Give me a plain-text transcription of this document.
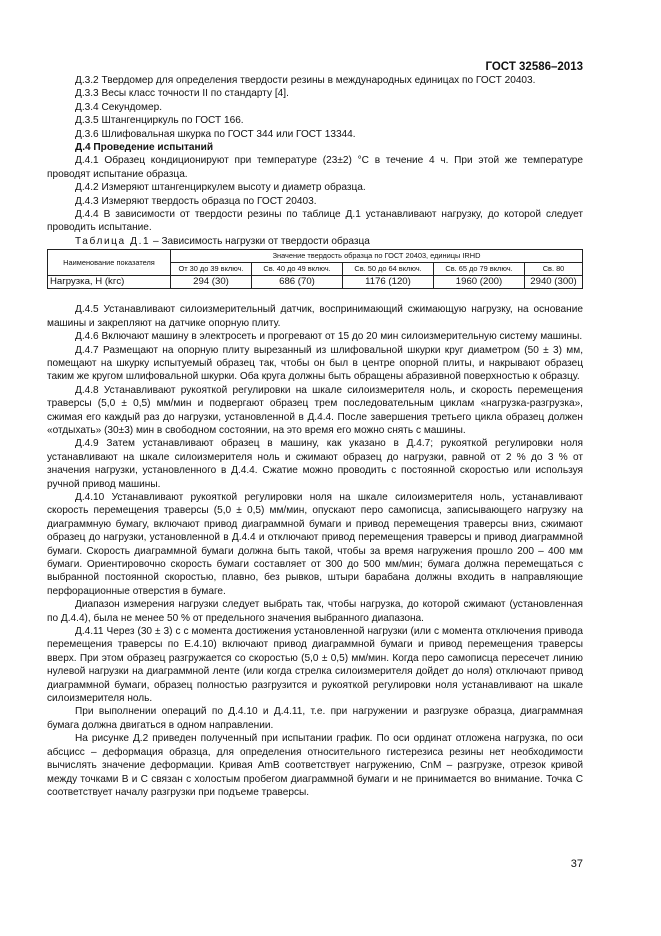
ГОСТ 32586–2013

Д.3.2 Твердомер для определения твердости резины в международных единицах по ГОСТ 20403.

Д.3.3 Весы класс точности II по стандарту [4].

Д.3.4 Секундомер.

Д.3.5 Штангенциркуль по ГОСТ 166.

Д.3.6 Шлифовальная шкурка по ГОСТ 344 или ГОСТ 13344.

Д.4 Проведение испытаний

Д.4.1 Образец кондиционируют при температуре (23±2) °С в течение 4 ч. При этой же температуре проводят испытание образца.

Д.4.2 Измеряют штангенциркулем высоту и диаметр образца.

Д.4.3 Измеряют твердость образца по ГОСТ 20403.

Д.4.4 В зависимости от твердости резины по таблице Д.1 устанавливают нагрузку, до которой следует проводить испытание.

Таблица Д.1 – Зависимость нагрузки от твердости образца

Наименование показателя	Значение твердость образца по ГОСТ 20403, единицы IRHD				
	От 30 до 39 включ.	Св. 40 до 49 включ.	Св. 50 до 64 включ.	Св. 65 до 79 включ.	Св. 80
Нагрузка, Н (kгc)	294 (30)	686 (70)	1176 (120)	1960 (200)	2940 (300)

Д.4.5 Устанавливают силоизмерительный датчик, воспринимающий сжимающую нагрузку, на основание машины и закрепляют на датчике опорную плиту.

Д.4.6 Включают машину в электросеть и прогревают от 15 до 20 мин силоизмерительную систему машины.

Д.4.7 Размещают на опорную плиту вырезанный из шлифовальной шкурки круг диаметром (50 ± 3) мм, помещают на шкурку испытуемый образец так, чтобы он был в центре опорной плиты, и накрывают образец таким же кругом шлифовальной шкурки. Оба круга должны быть обращены абразивной поверхностью к образцу.

Д.4.8 Устанавливают рукояткой регулировки на шкале силоизмерителя ноль, и скорость перемещения траверсы (5,0 ± 0,5) мм/мин и подвергают образец трем последовательным циклам «нагрузка-разгрузка», сжимая его каждый раз до нагрузки, установленной в Д.4.4. После завершения третьего цикла образец должен «отдыхать» (30±3) мин в свободном состоянии, на это время его можно снять с машины.

Д.4.9 Затем устанавливают образец в машину, как указано в Д.4.7; рукояткой регулировки ноля устанавливают на шкале силоизмерителя ноль и сжимают образец до нагрузки, равной от 2 % до 3 % от значения нагрузки, установленного в Д.4.4. Сжатие можно проводить с постоянной скоростью или используя ручной привод машины.

Д.4.10 Устанавливают рукояткой регулировки ноля на шкале силоизмерителя ноль, устанавливают скорость перемещения траверсы (5,0 ± 0,5) мм/мин, опускают перо самописца, записывающего нагрузку на диаграммную бумагу, включают привод диаграммной бумаги и привод перемещения траверсы вниз, сжимают образец до нагрузки, установленной в Д.4.4 и отключают привод перемещения траверсы и привод диаграммной бумаги. Скорость диаграммной бумаги должна быть такой, чтобы за время нагружения прошло 200 – 400 мм бумаги. Ориентировочно скорость бумаги составляет от 300 до 500 мм/мин; бумага должна перемещаться с выбранной постоянной скоростью, плавно, без рывков, штыри барабана должны входить в направляющие перфорационные отверстия в бумаге.

Диапазон измерения нагрузки следует выбрать так, чтобы нагрузка, до которой сжимают (установленная по Д.4.4), была не менее 50 % от предельного значения выбранного диапазона.

Д.4.11 Через (30 ± 3) с с момента достижения установленной нагрузки (или с момента отключения привода перемещения траверсы по Е.4.10) включают привод диаграммной бумаги и привод перемещения траверсы вверх. При этом образец разгружается со скоростью (5,0 ± 0,5) мм/мин. Когда перо самописца пересечет линию нулевой нагрузки на диаграммной ленте (или когда стрелка силоизмерителя дойдет до ноля) отключают привод диаграммной бумаги, образец полностью разгрузится и рукояткой регулировки ноля устанавливают на шкале силоизмерителя ноль.

При выполнении операций по Д.4.10 и Д.4.11, т.е. при нагружении и разгрузке образца, диаграммная бумага должна двигаться в одном направлении.

На рисунке Д.2 приведен полученный при испытании график. По оси ординат отложена нагрузка, по оси абсцисс – деформация образца, для определения относительного гистерезиса резины нет необходимости вычислять значение деформации. Кривая АmВ соответствует нагружению, СnМ – разгрузке, отрезок кривой между точками В и С связан с холостым пробегом диаграммной бумаги и не принимается во внимание. Точка С соответствует началу разгрузки при подъеме траверсы.

37
